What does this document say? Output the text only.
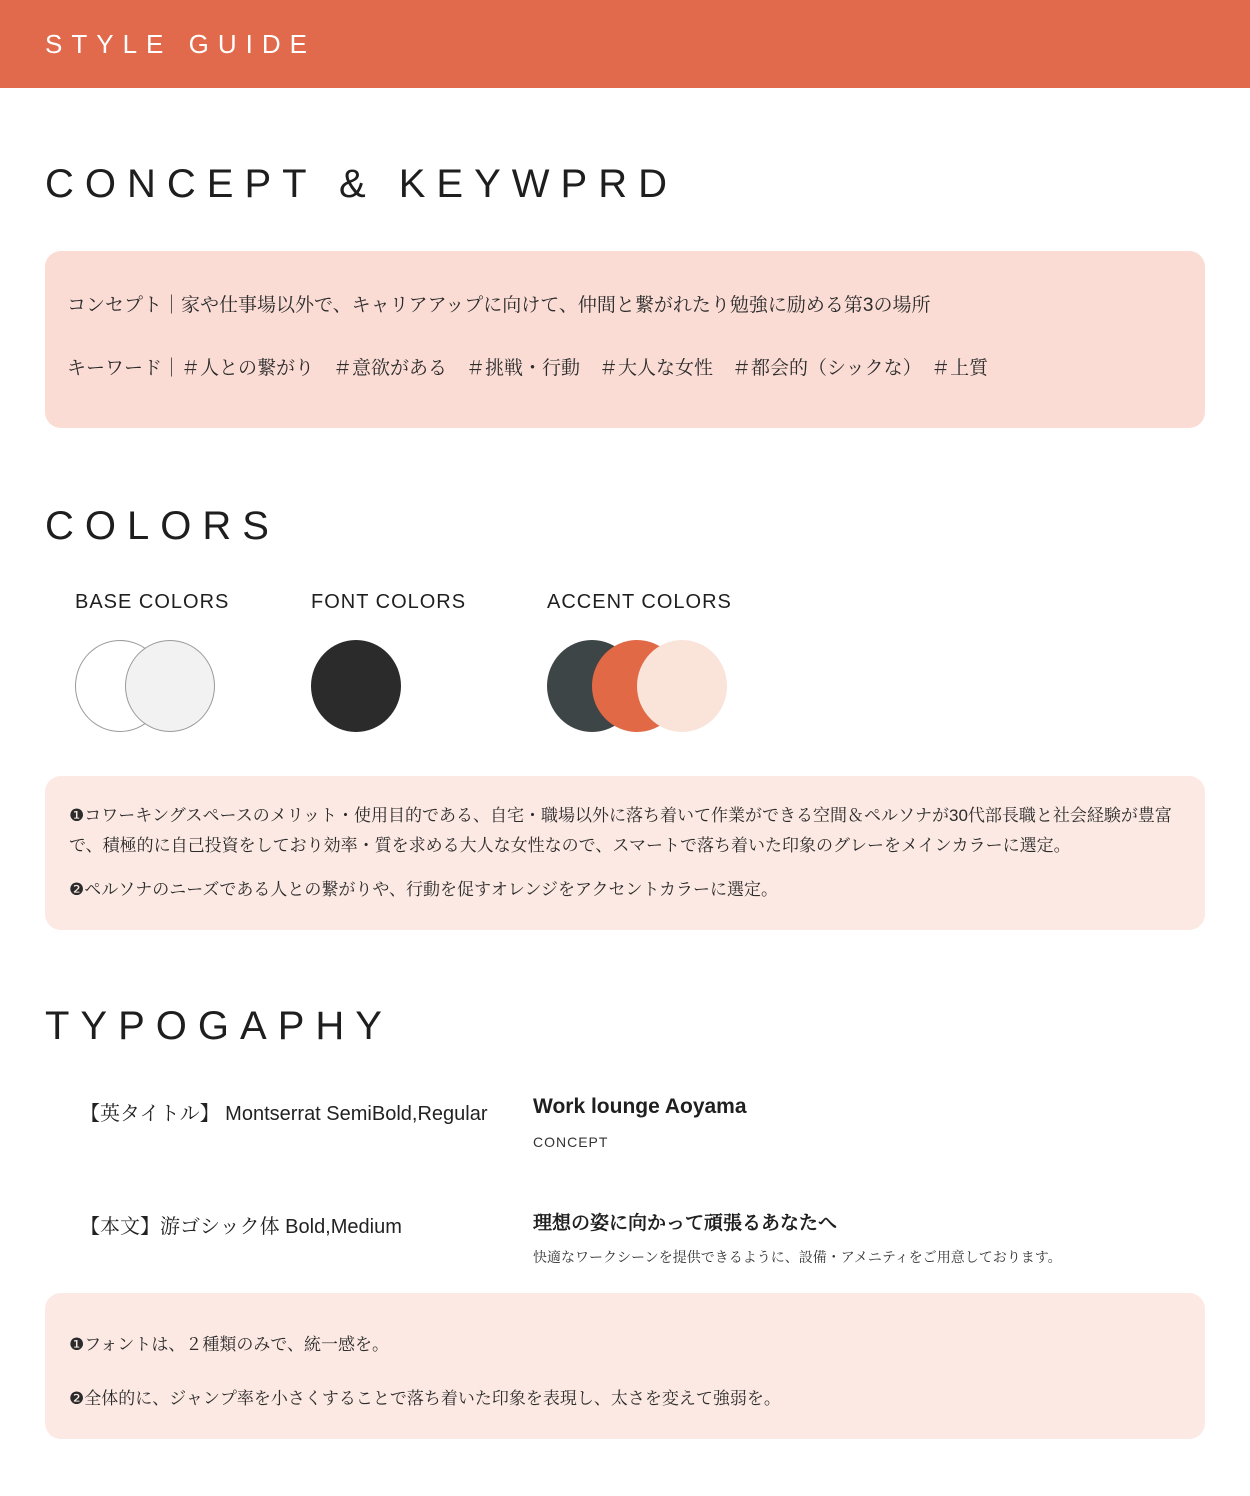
STYLE GUIDE
CONCEPT & KEYWPRD

コンセプト｜家や仕事場以外で、キャリアアップに向けて、仲間と繋がれたり勉強に励める第3の場所

キーワード｜＃人との繋がり　＃意欲がある　＃挑戦・行動　＃大人な女性　＃都会的（シックな）　＃上質

COLORS
BASE COLORS	FONT COLORS	ACCENT COLORS

❶コワーキングスペースのメリット・使用目的である、自宅・職場以外に落ち着いて作業ができる空間＆ペルソナが30代部長職と社会経験が豊富で、積極的に自己投資をしており効率・質を求める大人な女性なので、スマートで落ち着いた印象のグレーをメインカラーに選定。

❷ペルソナのニーズである人との繋がりや、行動を促すオレンジをアクセントカラーに選定。

TYPOGAPHY
【英タイトル】 Montserrat SemiBold,Regular	Work lounge Aoyama
CONCEPT
【本文】游ゴシック体 Bold,Medium	理想の姿に向かって頑張るあなたへ
快適なワークシーンを提供できるように、設備・アメニティをご用意しております。

❶フォントは、２種類のみで、統一感を。

❷全体的に、ジャンプ率を小さくすることで落ち着いた印象を表現し、太さを変えて強弱を。
